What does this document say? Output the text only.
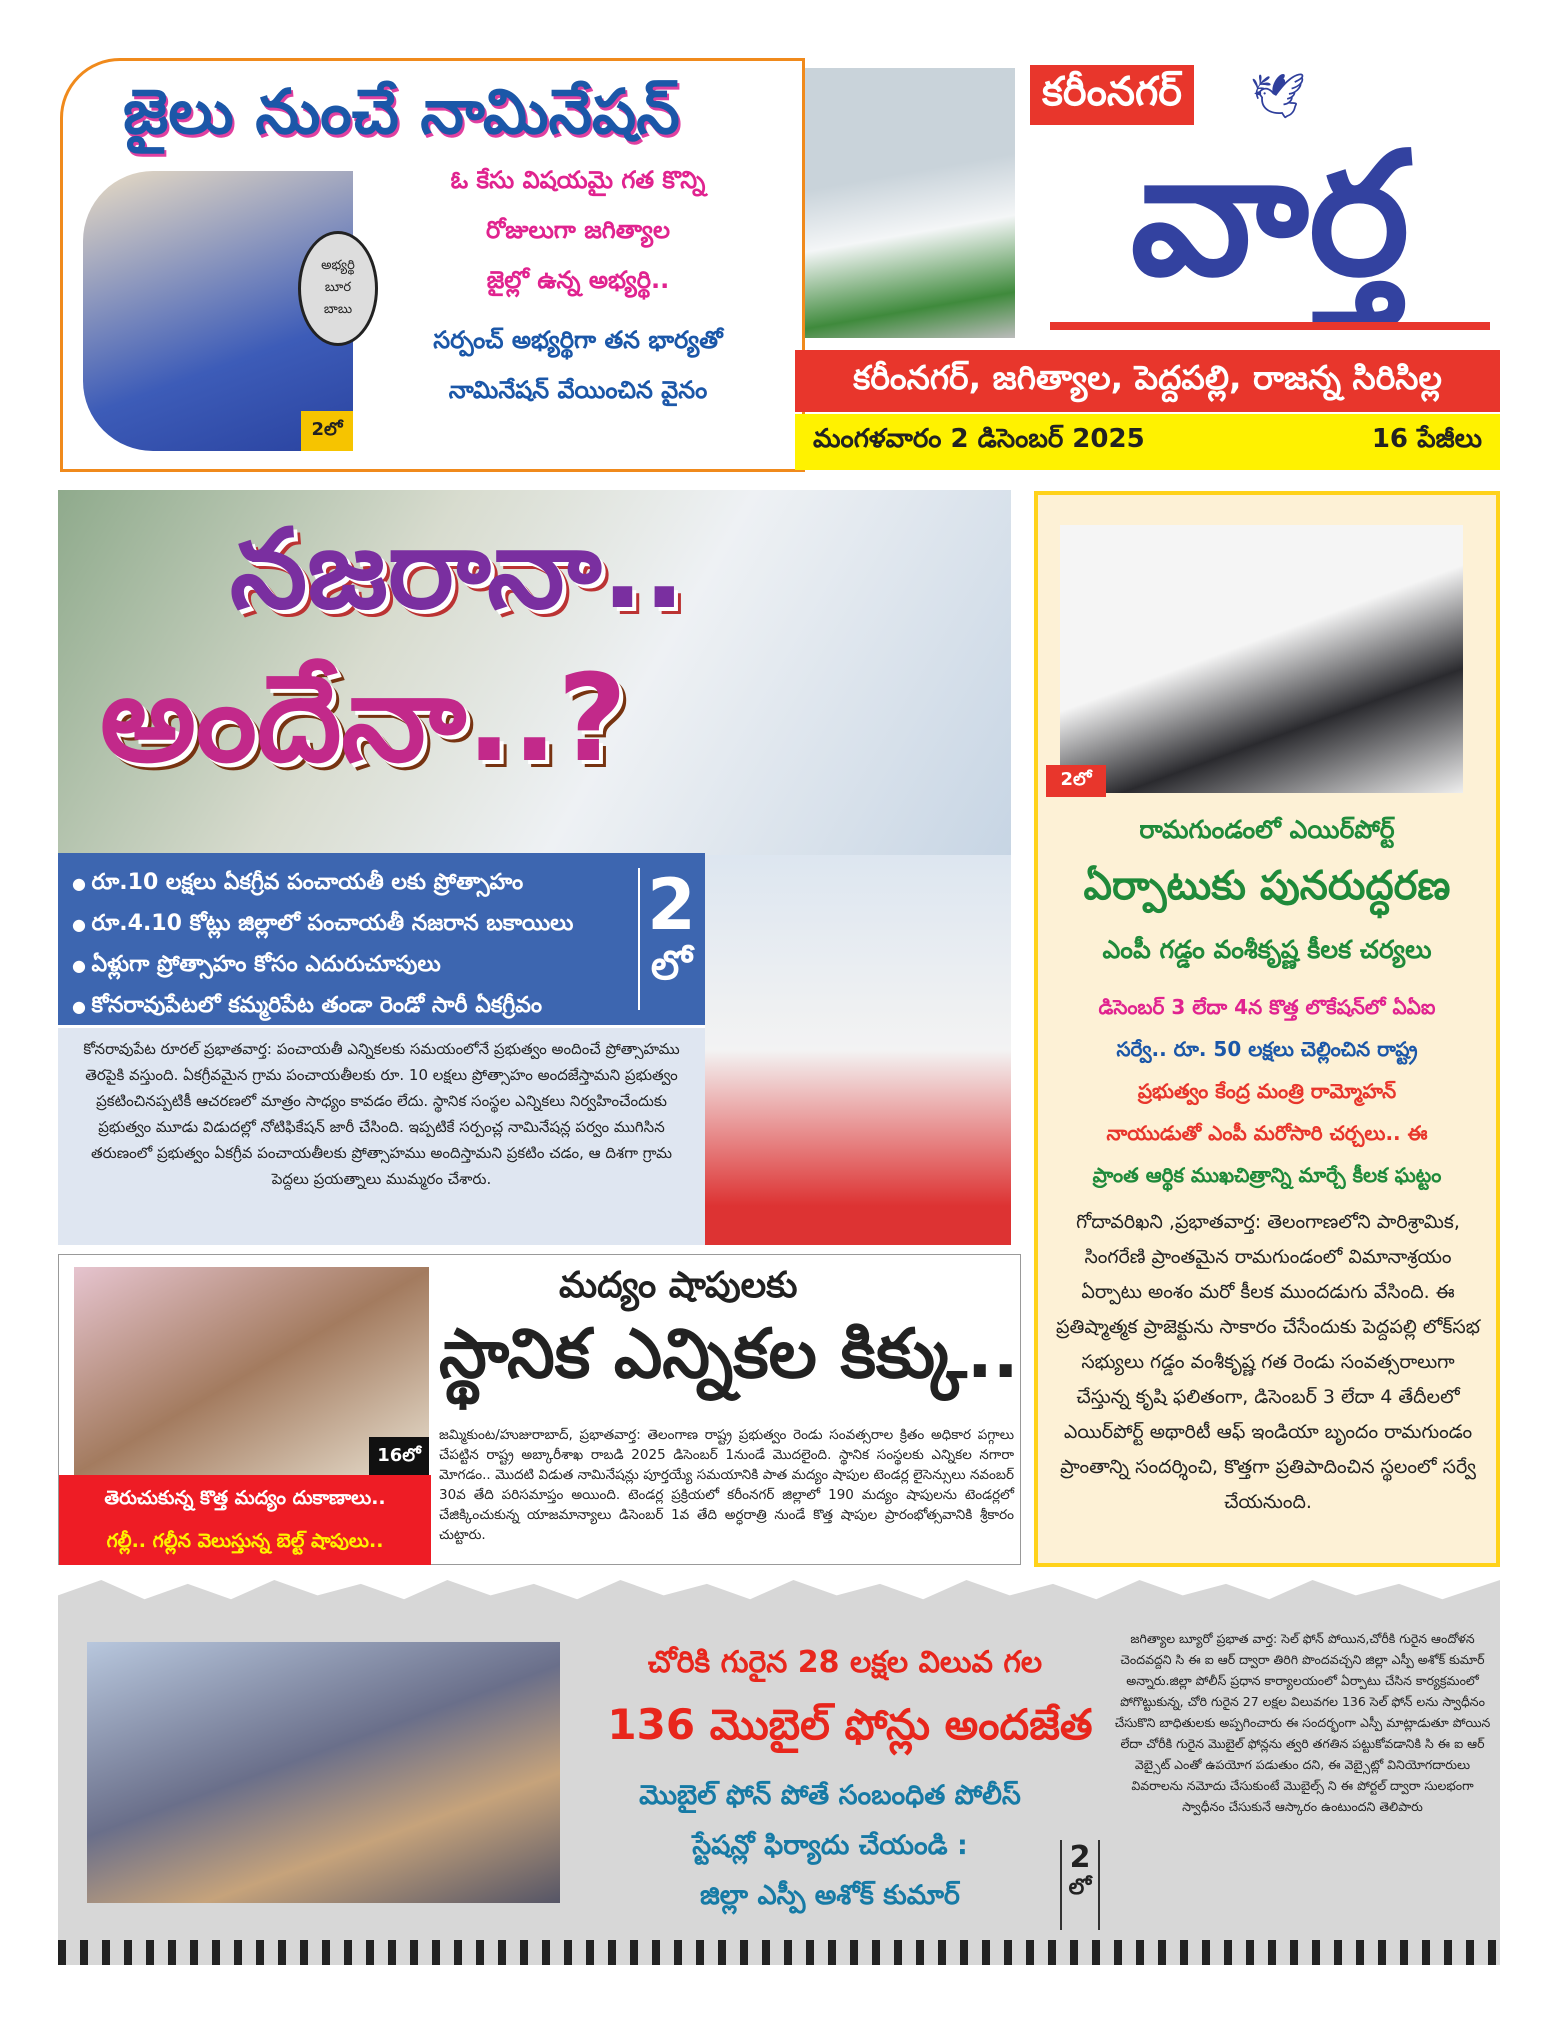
జైలు నుంచే నామినేషన్
అభ్యర్థి
బూర
బాబు
2లో
ఓ కేసు విషయమై గత కొన్ని
రోజులుగా జగిత్యాల
జైల్లో ఉన్న అభ్యర్థి..
సర్పంచ్ అభ్యర్థిగా తన భార్యతో
నామినేషన్ వేయించిన వైనం
కరీంనగర్ 🕊
వార్త
కరీంనగర్, జగిత్యాల, పెద్దపల్లి, రాజన్న సిరిసిల్ల
మంగళవారం 2 డిసెంబర్ 2025	16 పేజీలు
నజరానా..
అందేనా..?
● రూ.10 లక్షలు ఏకగ్రీవ పంచాయతీ లకు ప్రోత్సాహం
● రూ.4.10 కోట్లు జిల్లాలో పంచాయతీ నజరాన బకాయిలు
● ఏళ్లుగా ప్రోత్సాహం కోసం ఎదురుచూపులు
● కోనరావుపేటలో కమ్మరిపేట తండా రెండో సారీ ఏకగ్రీవం
2
లో
కోనరావుపేట రూరల్ ప్రభాతవార్త: పంచాయతీ ఎన్నికలకు సమయంలోనే ప్రభుత్వం అందించే ప్రోత్సాహము తెరపైకి వస్తుంది. ఏకగ్రీవమైన గ్రామ పంచాయతీలకు రూ. 10 లక్షలు ప్రోత్సాహం అందజేస్తామని ప్రభుత్వం ప్రకటించినప్పటికీ ఆచరణలో మాత్రం సాధ్యం కావడం లేదు. స్థానిక సంస్థల ఎన్నికలు నిర్వహించేందుకు ప్రభుత్వం మూడు విడుదల్లో నోటిఫికేషన్ జారీ చేసింది. ఇప్పటికే సర్పంచ్ల నామినేషన్ల పర్వం ముగిసిన తరుణంలో ప్రభుత్వం ఏకగ్రీవ పంచాయతీలకు ప్రోత్సాహము అందిస్తామని ప్రకటిం చడం, ఆ దిశగా గ్రామ పెద్దలు ప్రయత్నాలు ముమ్మరం చేశారు.
2లో
రామగుండంలో ఎయిర్‌పోర్ట్
ఏర్పాటుకు పునరుద్ధరణ
ఎంపీ గడ్డం వంశీకృష్ణ కీలక చర్యలు
డిసెంబర్ 3 లేదా 4న కొత్త లొకేషన్‌లో ఏఏఐ
సర్వే.. రూ. 50 లక్షలు చెల్లించిన రాష్ట్ర
ప్రభుత్వం కేంద్ర మంత్రి రామ్మోహన్
నాయుడుతో ఎంపీ మరోసారి చర్చలు.. ఈ
ప్రాంత ఆర్థిక ముఖచిత్రాన్ని మార్చే కీలక ఘట్టం
గోదావరిఖని ,ప్రభాతవార్త: తెలంగాణలోని పారిశ్రామిక, సింగరేణి ప్రాంతమైన రామగుండంలో విమానాశ్రయం ఏర్పాటు అంశం మరో కీలక ముందడుగు వేసింది. ఈ ప్రతిష్మాత్మక ప్రాజెక్టును సాకారం చేసేందుకు పెద్దపల్లి లోక్‌సభ సభ్యులు గడ్డం వంశీకృష్ణ గత రెండు సంవత్సరాలుగా చేస్తున్న కృషి ఫలితంగా, డిసెంబర్ 3 లేదా 4 తేదీలలో ఎయిర్‌పోర్ట్ అథారిటీ ఆఫ్ ఇండియా బృందం రామగుండం ప్రాంతాన్ని సందర్శించి, కొత్తగా ప్రతిపాదించిన స్థలంలో సర్వే చేయనుంది.
16లో
తెరుచుకున్న కొత్త మద్యం దుకాణాలు..
గల్లీ.. గల్లీన వెలుస్తున్న బెల్ట్ షాపులు..
మద్యం షాపులకు
స్థానిక ఎన్నికల కిక్కు..
జమ్మికుంట/హుజురాబాద్, ప్రభాతవార్త: తెలంగాణ రాష్ట్ర ప్రభుత్వం రెండు సంవత్సరాల క్రితం అధికార పగ్గాలు చేపట్టిన రాష్ట్ర అబ్కారీశాఖ రాబడి 2025 డిసెంబర్ 1నుండే మొదలైంది. స్థానిక సంస్థలకు ఎన్నికల నగారా మోగడం.. మొదటి విడుత నామినేషన్లు పూర్తయ్యే సమయానికి పాత మద్యం షాపుల టెండర్ల లైసెన్సులు నవంబర్ 30వ తేది పరిసమాప్తం అయింది. టెండర్ల ప్రక్రియలో కరీంనగర్ జిల్లాలో 190 మద్యం షాపులను టెండర్లలో చేజిక్కించుకున్న యాజమాన్యాలు డిసెంబర్ 1వ తేది అర్ధరాత్రి నుండే కొత్త షాపుల ప్రారంభోత్సవానికి శ్రీకారం చుట్టారు.
చోరికి గురైన 28 లక్షల విలువ గల
136 మొబైల్ ఫోన్లు అందజేత
మొబైల్ ఫోన్ పోతే సంబంధిత పోలీస్
స్టేషన్లో ఫిర్యాదు చేయండి :
జిల్లా ఎస్పీ అశోక్ కుమార్
2
లో
జగిత్యాల బ్యూరో ప్రభాత వార్త: సెల్ ఫోన్ పోయిన,చోరీకి గురైన ఆందోళన చెందవద్దని సి ఈ ఐ ఆర్ ద్వారా తిరిగి పొందవచ్చని జిల్లా ఎస్పీ అశోక్ కుమార్ అన్నారు.జిల్లా పోలీస్ ప్రధాన కార్యాలయంలో ఏర్పాటు చేసిన కార్యక్రమంలో పోగొట్టుకున్న, చోరి గురైన 27 లక్షల విలువగల 136 సెల్ ఫోన్ లను స్వాధీనం చేసుకొని బాధితులకు అప్పగించారు ఈ సందర్భంగా ఎస్పీ మాట్లాడుతూ పోయిన లేదా చోరీకి గురైన మొబైల్ ఫోన్లను త్వరి తగతిన పట్టుకోవడానికి సి ఈ ఐ ఆర్ వెబ్సైట్ ఎంతో ఉపయోగ పడుతుం దని, ఈ వెబ్సైట్లో వినియోగదారులు వివరాలను నమోదు చేసుకుంటే మొబైల్స్ ని ఈ పోర్టల్ ద్వారా సులభంగా స్వాధీనం చేసుకునే ఆస్కారం ఉంటుందని తెలిపారు
